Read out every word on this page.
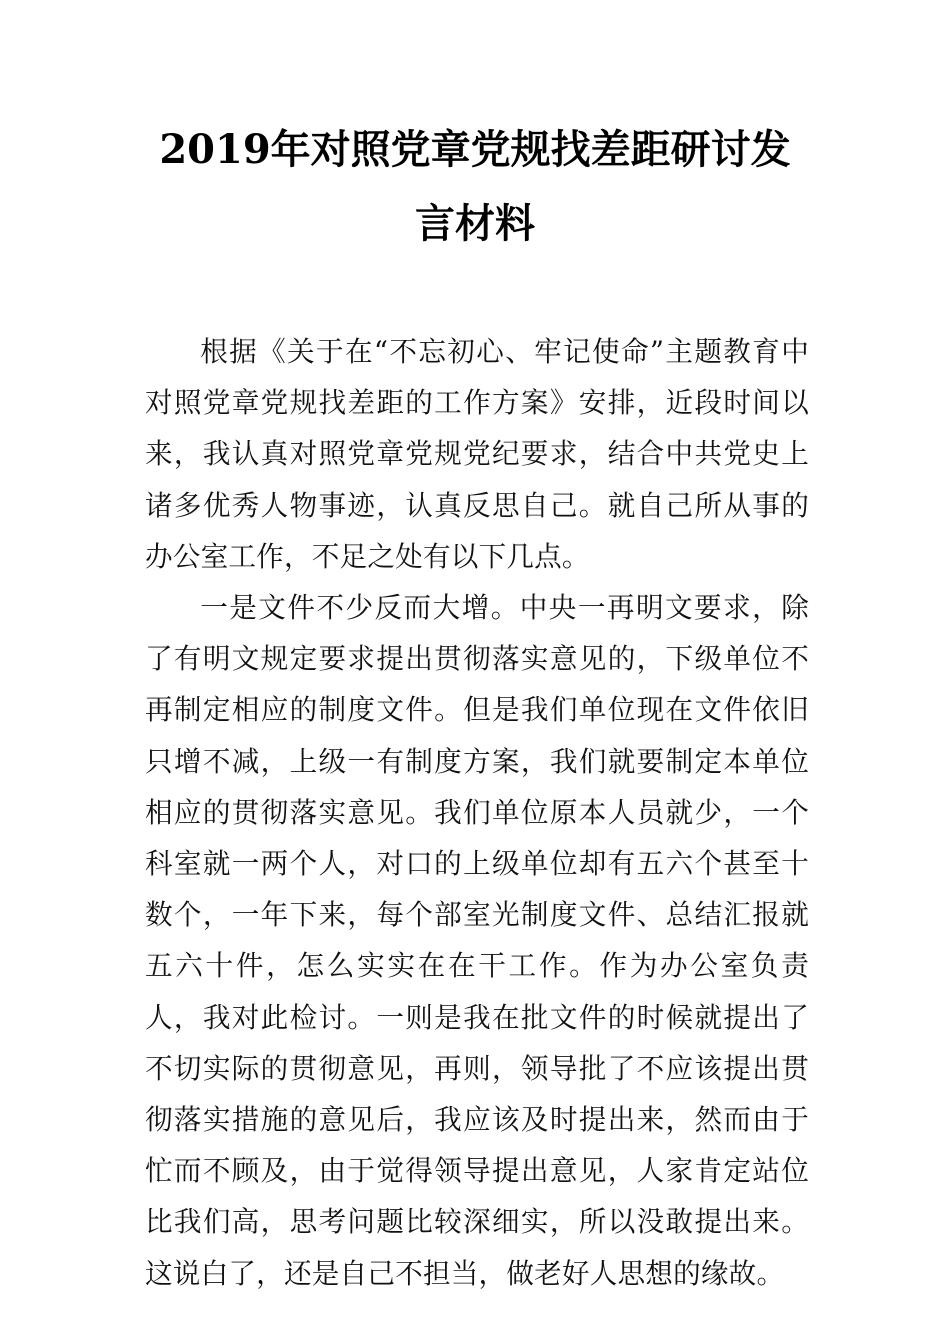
2019年对照党章党规找差距研讨发
言材料

根据《关于在“不忘初心、牢记使命”主题教育中对照党章党规找差距的工作方案》安排，近段时间以来，我认真对照党章党规党纪要求，结合中共党史上诸多优秀人物事迹，认真反思自己。就自己所从事的办公室工作，不足之处有以下几点。

一是文件不少反而大增。中央一再明文要求，除了有明文规定要求提出贯彻落实意见的，下级单位不再制定相应的制度文件。但是我们单位现在文件依旧只增不减，上级一有制度方案，我们就要制定本单位相应的贯彻落实意见。我们单位原本人员就少，一个科室就一两个人，对口的上级单位却有五六个甚至十数个，一年下来，每个部室光制度文件、总结汇报就五六十件，怎么实实在在干工作。作为办公室负责人，我对此检讨。一则是我在批文件的时候就提出了不切实际的贯彻意见，再则，领导批了不应该提出贯彻落实措施的意见后，我应该及时提出来，然而由于忙而不顾及，由于觉得领导提出意见，人家肯定站位比我们高，思考问题比较深细实，所以没敢提出来。这说白了，还是自己不担当，做老好人思想的缘故。
